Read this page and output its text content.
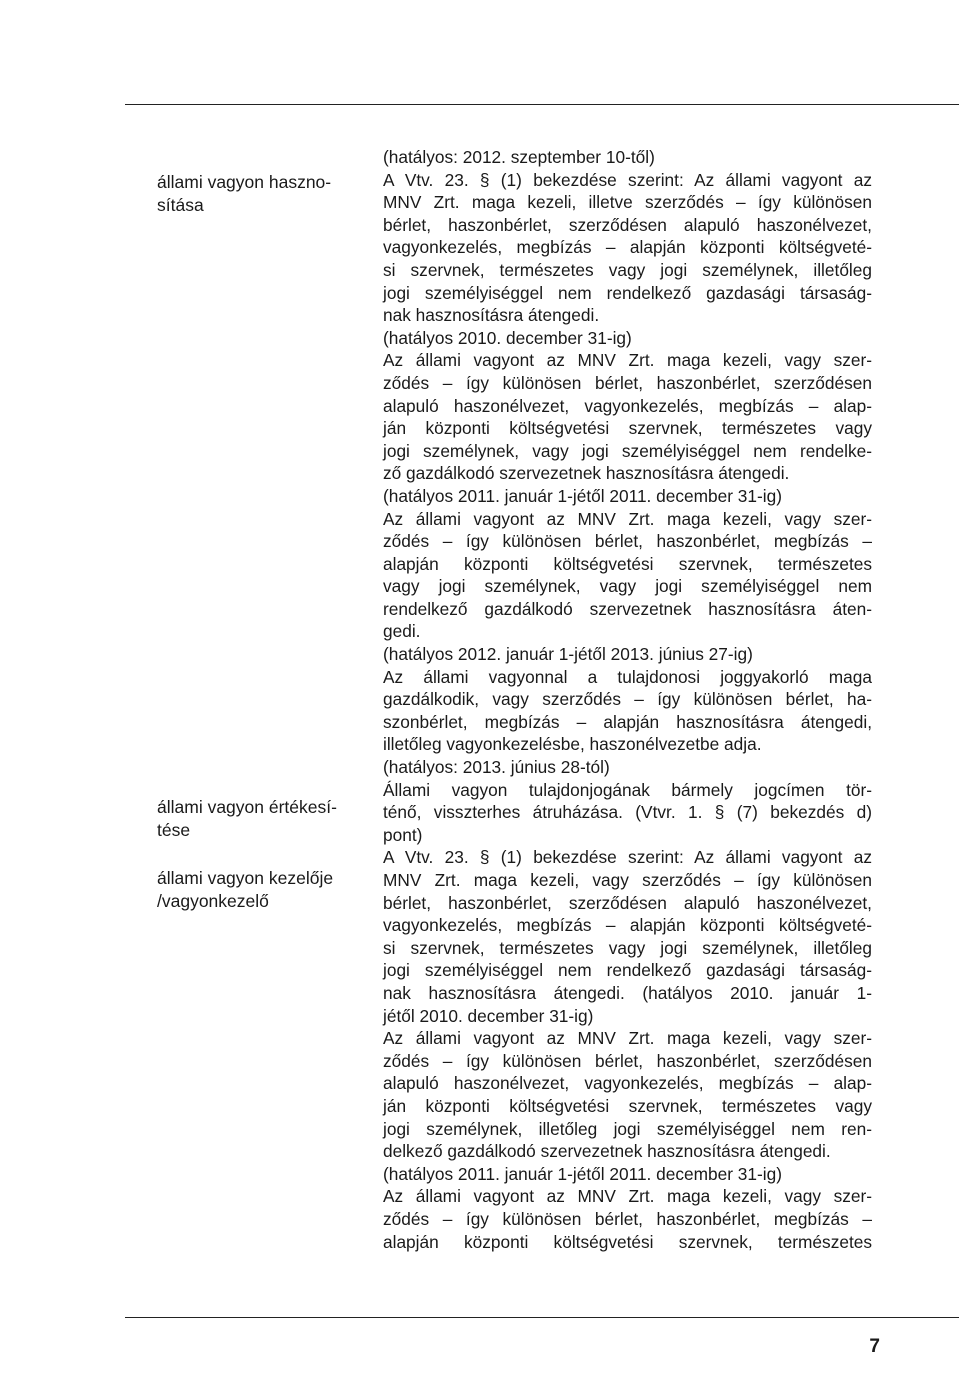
állami vagyon haszno-
sítása
állami vagyon értékesí-
tése
állami vagyon kezelője
/vagyonkezelő
(hatályos: 2012. szeptember 10-től)
A Vtv. 23. § (1) bekezdése szerint: Az állami vagyont az
MNV Zrt. maga kezeli, illetve szerződés – így különösen
bérlet, haszonbérlet, szerződésen alapuló haszonélvezet,
vagyonkezelés, megbízás – alapján központi költségveté-
si szervnek, természetes vagy jogi személynek, illetőleg
jogi személyiséggel nem rendelkező gazdasági társaság-
nak hasznosításra átengedi.
(hatályos 2010. december 31-ig)
Az állami vagyont az MNV Zrt. maga kezeli, vagy szer-
ződés – így különösen bérlet, haszonbérlet, szerződésen
alapuló haszonélvezet, vagyonkezelés, megbízás – alap-
ján központi költségvetési szervnek, természetes vagy
jogi személynek, vagy jogi személyiséggel nem rendelke-
ző gazdálkodó szervezetnek hasznosításra átengedi.
(hatályos 2011. január 1-jétől 2011. december 31-ig)
Az állami vagyont az MNV Zrt. maga kezeli, vagy szer-
ződés – így különösen bérlet, haszonbérlet, megbízás –
alapján központi költségvetési szervnek, természetes
vagy jogi személynek, vagy jogi személyiséggel nem
rendelkező gazdálkodó szervezetnek hasznosításra áten-
gedi.
(hatályos 2012. január 1-jétől 2013. június 27-ig)
Az állami vagyonnal a tulajdonosi joggyakorló maga
gazdálkodik, vagy szerződés – így különösen bérlet, ha-
szonbérlet, megbízás – alapján hasznosításra átengedi,
illetőleg vagyonkezelésbe, haszonélvezetbe adja.
(hatályos: 2013. június 28-tól)
Állami vagyon tulajdonjogának bármely jogcímen tör-
ténő, visszterhes átruházása. (Vtvr. 1. § (7) bekezdés d)
pont)
A Vtv. 23. § (1) bekezdése szerint: Az állami vagyont az
MNV Zrt. maga kezeli, vagy szerződés – így különösen
bérlet, haszonbérlet, szerződésen alapuló haszonélvezet,
vagyonkezelés, megbízás – alapján központi költségveté-
si szervnek, természetes vagy jogi személynek, illetőleg
jogi személyiséggel nem rendelkező gazdasági társaság-
nak hasznosításra átengedi. (hatályos 2010. január 1-
jétől 2010. december 31-ig)
Az állami vagyont az MNV Zrt. maga kezeli, vagy szer-
ződés – így különösen bérlet, haszonbérlet, szerződésen
alapuló haszonélvezet, vagyonkezelés, megbízás – alap-
ján központi költségvetési szervnek, természetes vagy
jogi személynek, illetőleg jogi személyiséggel nem ren-
delkező gazdálkodó szervezetnek hasznosításra átengedi.
(hatályos 2011. január 1-jétől 2011. december 31-ig)
Az állami vagyont az MNV Zrt. maga kezeli, vagy szer-
ződés – így különösen bérlet, haszonbérlet, megbízás –
alapján központi költségvetési szervnek, természetes
7
